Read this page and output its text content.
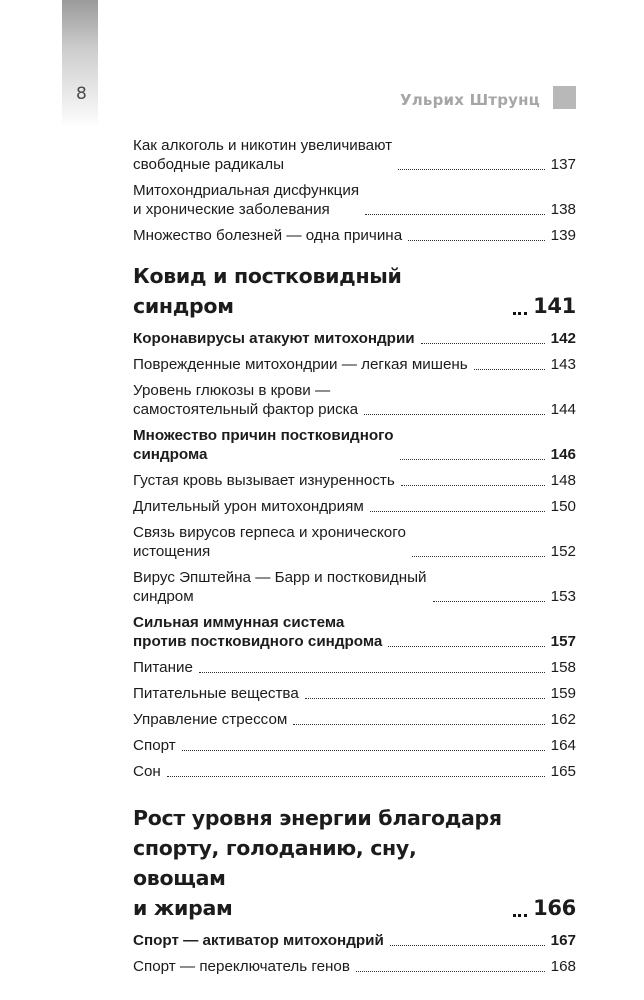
8	Ульрих Штрунц
Как алкоголь и никотин увеличивают
свободные радикалы	137
Митохондриальная дисфункция
и хронические заболевания	138
Множество болезней — одна причина	139
Ковид и постковидный синдром	141
Коронавирусы атакуют митохондрии	142
Поврежденные митохондрии — легкая мишень	143
Уровень глюкозы в крови —
самостоятельный фактор риска	144
Множество причин постковидного
синдрома	146
Густая кровь вызывает изнуренность	148
Длительный урон митохондриям	150
Связь вирусов герпеса и хронического
истощения	152
Вирус Эпштейна — Барр и постковидный
синдром	153
Сильная иммунная система
против постковидного синдрома	157
Питание	158
Питательные вещества	159
Управление стрессом	162
Спорт	164
Сон	165
Рост уровня энергии благодаря
спорту, голоданию, сну, овощам
и жирам	166
Спорт — активатор митохондрий	167
Спорт — переключатель генов	168
